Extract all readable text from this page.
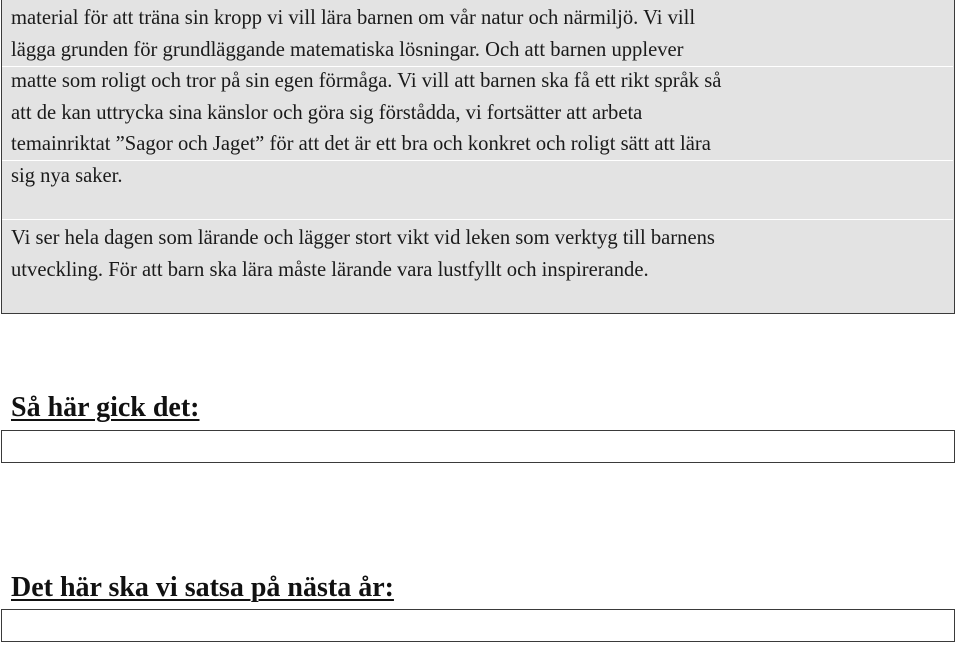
material för att träna sin kropp vi vill lära barnen om vår natur och närmiljö. Vi vill
lägga grunden för grundläggande matematiska lösningar. Och att barnen upplever
matte som roligt och tror på sin egen förmåga. Vi vill att barnen ska få ett rikt språk så
att de kan uttrycka sina känslor och göra sig förstådda, vi fortsätter att arbeta
temainriktat ”Sagor och Jaget” för att det är ett bra och konkret och roligt sätt att lära
sig nya saker.
Vi ser hela dagen som lärande och lägger stort vikt vid leken som verktyg till barnens
utveckling. För att barn ska lära måste lärande vara lustfyllt och inspirerande.
Så här gick det:
Det här ska vi satsa på nästa år:
